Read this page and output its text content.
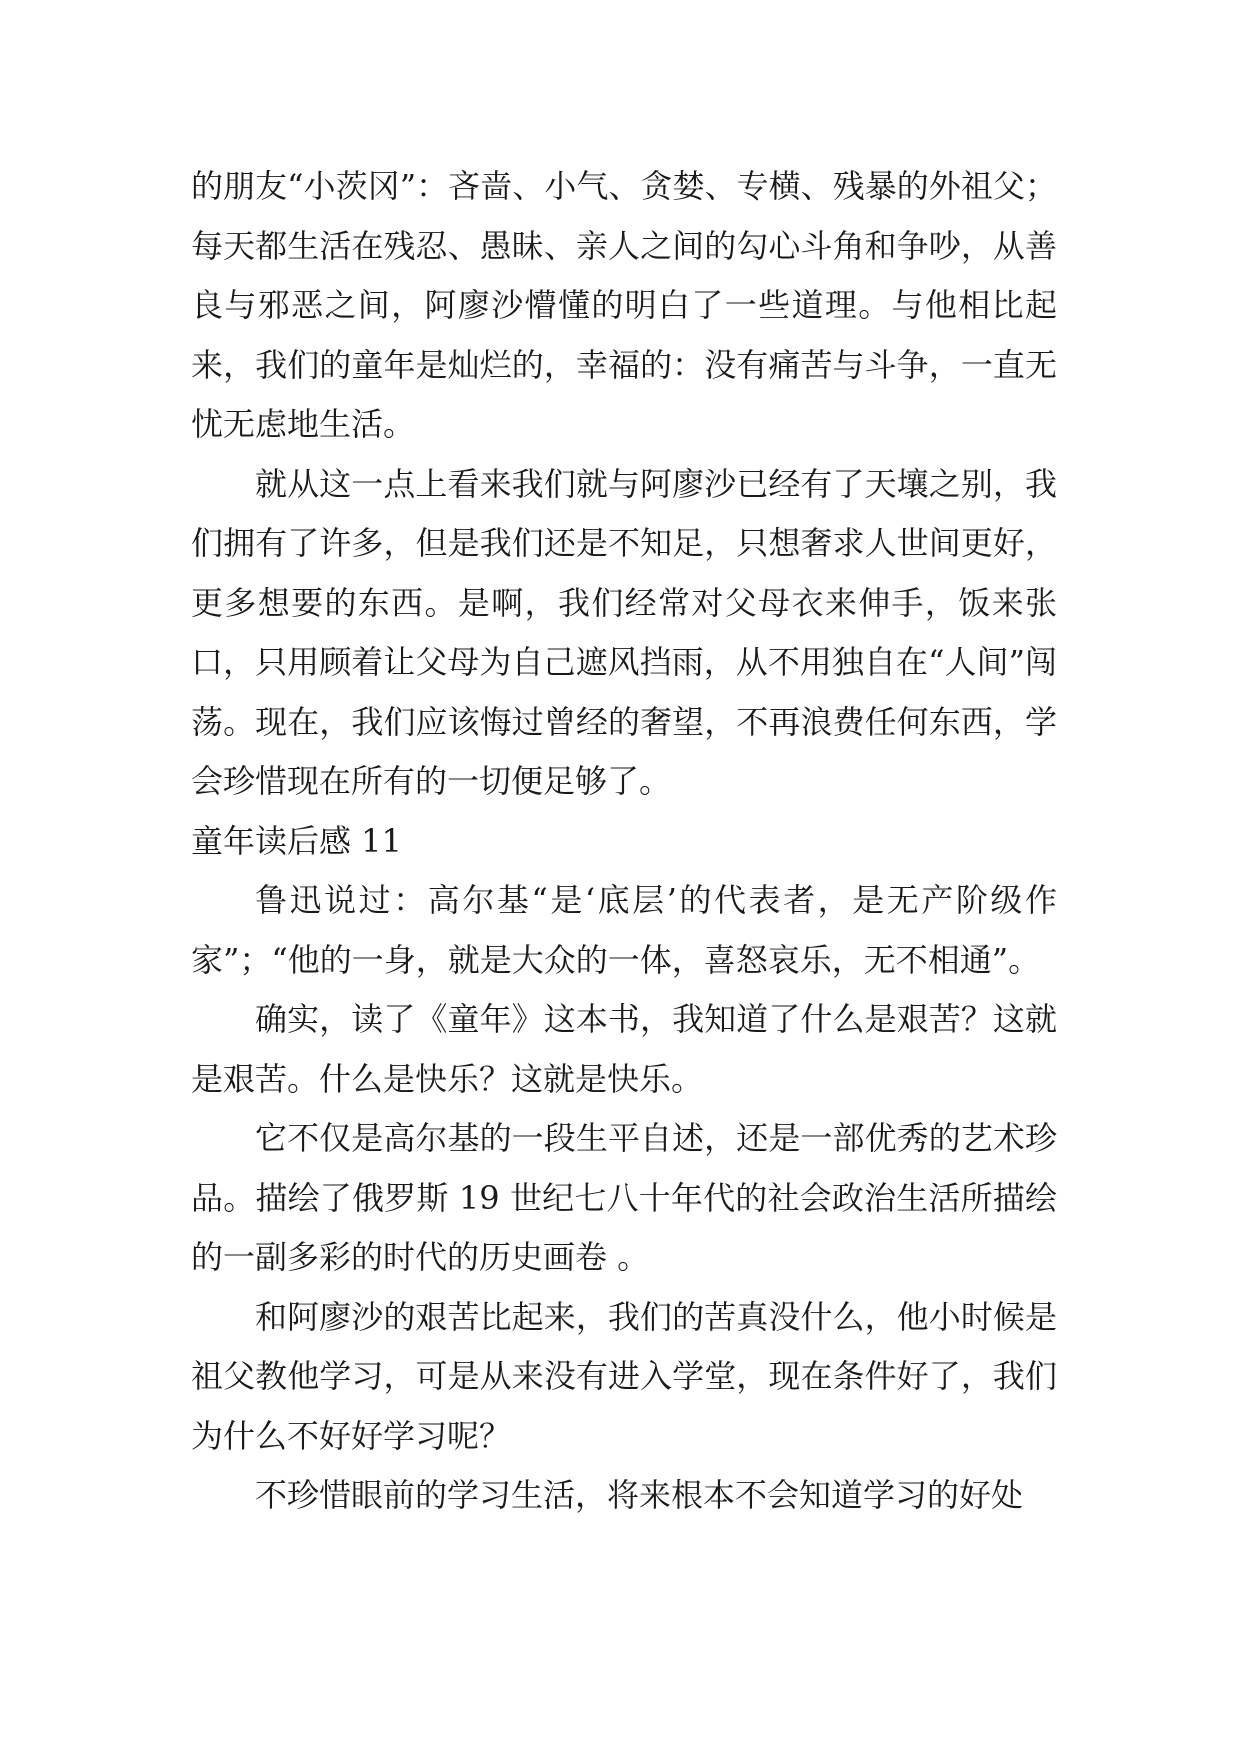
的朋友“小茨冈”：吝啬、小气、贪婪、专横、残暴的外祖父；每天都生活在残忍、愚昧、亲人之间的勾心斗角和争吵，从善良与邪恶之间，阿廖沙懵懂的明白了一些道理。与他相比起来，我们的童年是灿烂的，幸福的：没有痛苦与斗争，一直无忧无虑地生活。

就从这一点上看来我们就与阿廖沙已经有了天壤之别，我们拥有了许多，但是我们还是不知足，只想奢求人世间更好，更多想要的东西。是啊，我们经常对父母衣来伸手，饭来张口，只用顾着让父母为自己遮风挡雨，从不用独自在“人间”闯荡。现在，我们应该悔过曾经的奢望，不再浪费任何东西，学会珍惜现在所有的一切便足够了。

童年读后感 11

鲁迅说过：高尔基“是‘底层’的代表者，是无产阶级作家”；“他的一身，就是大众的一体，喜怒哀乐，无不相通”。

确实，读了《童年》这本书，我知道了什么是艰苦？这就是艰苦。什么是快乐？这就是快乐。

它不仅是高尔基的一段生平自述，还是一部优秀的艺术珍品。描绘了俄罗斯 19 世纪七八十年代的社会政治生活所描绘的一副多彩的时代的历史画卷 。

和阿廖沙的艰苦比起来，我们的苦真没什么，他小时候是祖父教他学习，可是从来没有进入学堂，现在条件好了，我们为什么不好好学习呢？

不珍惜眼前的学习生活，将来根本不会知道学习的好处
